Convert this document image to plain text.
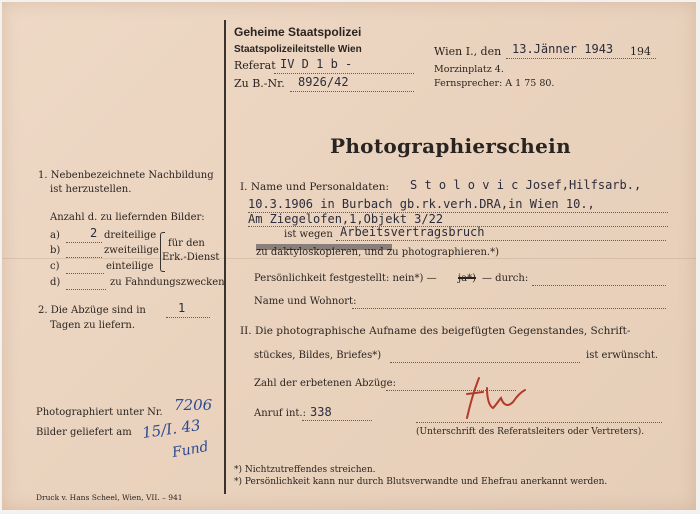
Geheime Staatspolizei
Staatspolizeileitstelle Wien
Referat IV D 1 b -
Zu B.-Nr. 8926/42
Wien I., den 13.Jänner 1943 194
Morzinplatz 4.
Fernsprecher: A 1 75 80.
Photographierschein
1. Nebenbezeichnete Nachbildung
ist herzustellen.
Anzahl d. zu liefernden Bilder:
a)	2 dreiteilige
b)	zweiteilige
c)	einteilige
für den
Erk.-Dienst
d)	zu Fahndungszwecken
2. Die Abzüge sind in	1
Tagen zu liefern.
Photographiert unter Nr. 7206
Bilder geliefert am 15/I. 43
Fund
Druck v. Hans Scheel, Wien, VII. – 941
I. Name und Personaldaten: S t o l o v i c Josef,Hilfsarb.,
10.3.1906 in Burbach gb.rk.verh.DRA,in Wien 10.,
Am Ziegelofen,1,Objekt 3/22
ist wegen Arbeitsvertragsbruch
zu daktyloskopieren, und zu photographieren.*)
Persönlichkeit festgestellt: nein*) — ja*) — durch:
Name und Wohnort:
II. Die photographische Aufname des beigefügten Gegenstandes, Schrift-
stückes, Bildes, Briefes*)	ist erwünscht.
Zahl der erbetenen Abzüge:
Anruf int.: 338
(Unterschrift des Referatsleiters oder Vertreters).
*) Nichtzutreffendes streichen.
*) Persönlichkeit kann nur durch Blutsverwandte und Ehefrau anerkannt werden.
